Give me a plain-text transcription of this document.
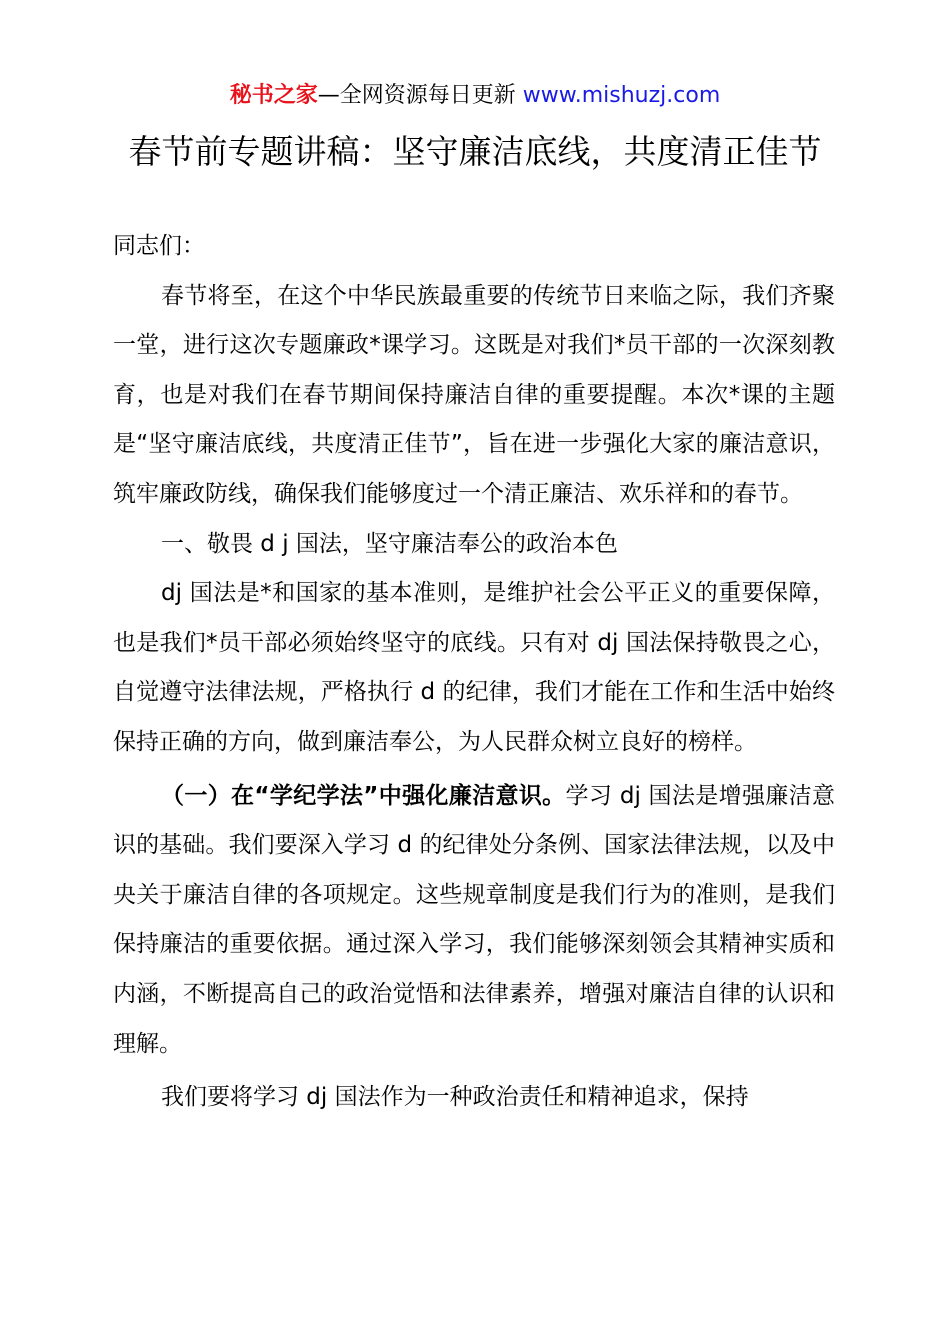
秘书之家—全网资源每日更新 www.mishuzj.com
春节前专题讲稿：坚守廉洁底线，共度清正佳节

同志们：

春节将至，在这个中华民族最重要的传统节日来临之际，我们齐聚一堂，进行这次专题廉政*课学习。这既是对我们*员干部的一次深刻教育，也是对我们在春节期间保持廉洁自律的重要提醒。本次*课的主题是“坚守廉洁底线，共度清正佳节”，旨在进一步强化大家的廉洁意识，筑牢廉政防线，确保我们能够度过一个清正廉洁、欢乐祥和的春节。

一、敬畏 d j 国法，坚守廉洁奉公的政治本色

dj 国法是*和国家的基本准则，是维护社会公平正义的重要保障，也是我们*员干部必须始终坚守的底线。只有对 dj 国法保持敬畏之心，自觉遵守法律法规，严格执行 d 的纪律，我们才能在工作和生活中始终保持正确的方向，做到廉洁奉公，为人民群众树立良好的榜样。

（一）在“学纪学法”中强化廉洁意识。学习 dj 国法是增强廉洁意识的基础。我们要深入学习 d 的纪律处分条例、国家法律法规，以及中央关于廉洁自律的各项规定。这些规章制度是我们行为的准则，是我们保持廉洁的重要依据。通过深入学习，我们能够深刻领会其精神实质和内涵，不断提高自己的政治觉悟和法律素养，增强对廉洁自律的认识和理解。

我们要将学习 dj 国法作为一种政治责任和精神追求，保持
